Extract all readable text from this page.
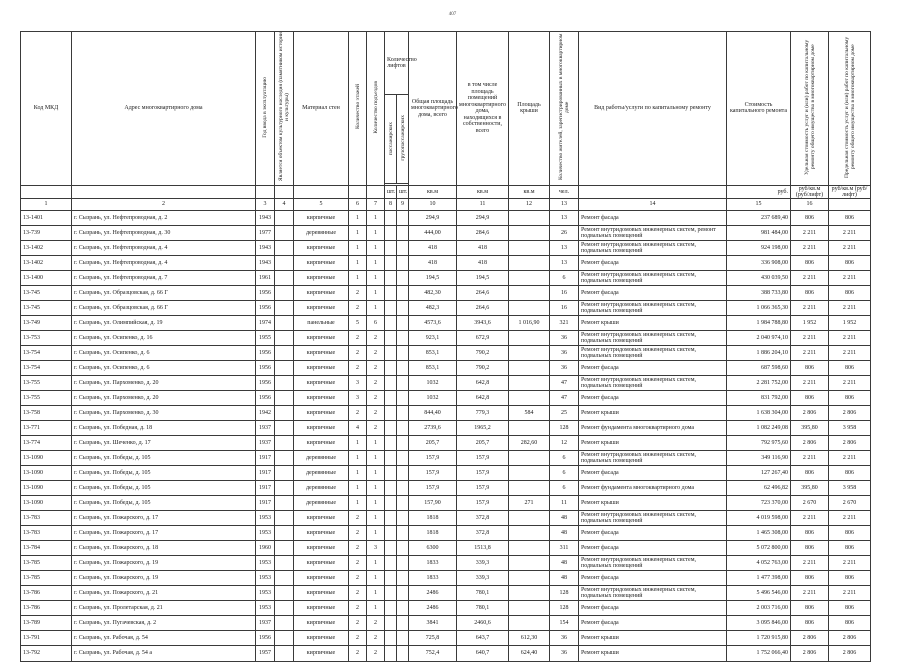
407
Код МКД	Адрес многоквартирного дома	Год ввода в эксплуатацию	Является объектом культурного наследия (памятником истории и культуры)	Материал стен	Количество этажей	Количество подъездов	Количество лифтов		Общая площадь многоквартирного дома, всего	в том числе площадь помещений многоквартирного дома, находящихся в собственности, всего	Площадь крыши	Количество жителей, зарегистрированных в многоквартирном доме	Вид работы/услуги по капитальному ремонту	Стоимость капитального ремонта	Удельная стоимость услуг и (или) работ по капитальному ремонту общего имущества в многоквартирном доме	Предельная стоимость услуг и (или) работ по капитальному ремонту общего имущества в многоквартирном доме
							пассажирских	грузопассажирских								

							шт.	шт.	кв.м	кв.м	кв.м	чел.		руб.	руб/кв.м (руб/лифт)	руб/кв.м (руб/лифт)
1	2	3	4	5	6	7	8	9	10	11	12	13	14	15	16	
13-1401	г. Сызрань, ул. Нефтепроводная, д. 2	1943		кирпичные	1	1			294,9	294,9		13	Ремонт фасада	237 689,40	806	806
13-739	г. Сызрань, ул. Нефтепроводная, д. 30	1977		деревянные	1	1			444,00	284,6		26	Ремонт внутридомовых инженерных систем, ремонт подвальных помещений	981 484,00	2 211	2 211
13-1402	г. Сызрань, ул. Нефтепроводная, д. 4	1943		кирпичные	1	1			418	418		13	Ремонт внутридомовых инженерных систем, подвальных помещений	924 198,00	2 211	2 211
13-1402	г. Сызрань, ул. Нефтепроводная, д. 4	1943		кирпичные	1	1			418	418		13	Ремонт фасада	336 908,00	806	806
13-1400	г. Сызрань, ул. Нефтепроводная, д. 7	1961		кирпичные	1	1			194,5	194,5		6	Ремонт внутридомовых инженерных систем, подвальных помещений	430 039,50	2 211	2 211
13-745	г. Сызрань, ул. Образцовская, д. 66 Г	1956		кирпичные	2	1			482,30	264,6		16	Ремонт фасада	388 733,80	806	806
13-745	г. Сызрань, ул. Образцовская, д. 66 Г	1956		кирпичные	2	1			482,3	264,6		16	Ремонт внутридомовых инженерных систем, подвальных помещений	1 066 365,30	2 211	2 211
13-749	г. Сызрань, ул. Олимпийская, д. 19	1974		панельные	5	6			4573,6	3943,6	1 016,90	321	Ремонт крыши	1 984 788,80	1 952	1 952
13-753	г. Сызрань, ул. Осипенко, д. 16	1955		кирпичные	2	2			923,1	672,9		36	Ремонт внутридомовых инженерных систем, подвальных помещений	2 040 974,10	2 211	2 211
13-754	г. Сызрань, ул. Осипенко, д. 6	1956		кирпичные	2	2			853,1	790,2		36	Ремонт внутридомовых инженерных систем, подвальных помещений	1 886 204,10	2 211	2 211
13-754	г. Сызрань, ул. Осипенко, д. 6	1956		кирпичные	2	2			853,1	790,2		36	Ремонт фасада	687 598,60	806	806
13-755	г. Сызрань, ул. Пархоменко, д. 20	1956		кирпичные	3	2			1032	642,8		47	Ремонт внутридомовых инженерных систем, подвальных помещений	2 281 752,00	2 211	2 211
13-755	г. Сызрань, ул. Пархоменко, д. 20	1956		кирпичные	3	2			1032	642,8		47	Ремонт фасада	831 792,00	806	806
13-758	г. Сызрань, ул. Пархоменко, д. 30	1942		кирпичные	2	2			844,40	779,3	584	25	Ремонт крыши	1 638 304,00	2 806	2 806
13-771	г. Сызрань, ул. Победная, д. 18	1937		кирпичные	4	2			2739,6	1965,2		128	Ремонт фундамента многоквартирного дома	1 082 249,08	395,80	3 958
13-774	г. Сызрань, ул. Шеченко, д. 17	1937		кирпичные	1	1			205,7	205,7	282,60	12	Ремонт крыши	792 975,60	2 806	2 806
13-1090	г. Сызрань, ул. Победы, д. 105	1917		деревянные	1	1			157,9	157,9		6	Ремонт внутридомовых инженерных систем, подвальных помещений	349 116,90	2 211	2 211
13-1090	г. Сызрань, ул. Победы, д. 105	1917		деревянные	1	1			157,9	157,9		6	Ремонт фасада	127 267,40	806	806
13-1090	г. Сызрань, ул. Победы, д. 105	1917		деревянные	1	1			157,9	157,9		6	Ремонт фундамента многоквартирного дома	62 496,82	395,80	3 958
13-1090	г. Сызрань, ул. Победы, д. 105	1917		деревянные	1	1			157,90	157,9	271	11	Ремонт крыши	723 370,00	2 670	2 670
13-783	г. Сызрань, ул. Пожарского, д. 17	1953		кирпичные	2	1			1818	372,8		48	Ремонт внутридомовых инженерных систем, подвальных помещений	4 019 598,00	2 211	2 211
13-783	г. Сызрань, ул. Пожарского, д. 17	1953		кирпичные	2	1			1818	372,8		48	Ремонт фасада	1 465 308,00	806	806
13-784	г. Сызрань, ул. Пожарского, д. 18	1960		кирпичные	2	3			6300	1513,8		311	Ремонт фасада	5 072 800,00	806	806
13-785	г. Сызрань, ул. Пожарского, д. 19	1953		кирпичные	2	1			1833	339,3		48	Ремонт внутридомовых инженерных систем, подвальных помещений	4 052 763,00	2 211	2 211
13-785	г. Сызрань, ул. Пожарского, д. 19	1953		кирпичные	2	1			1833	339,3		48	Ремонт фасада	1 477 398,00	806	806
13-786	г. Сызрань, ул. Пожарского, д. 21	1953		кирпичные	2	1			2486	780,1		128	Ремонт внутридомовых инженерных систем, подвальных помещений	5 496 546,00	2 211	2 211
13-786	г. Сызрань, ул. Пролетарская, д. 21	1953		кирпичные	2	1			2486	780,1		128	Ремонт фасада	2 003 716,00	806	806
13-789	г. Сызрань, ул. Пугачевская, д. 2	1937		кирпичные	2	2			3841	2460,6		154	Ремонт фасада	3 095 846,00	806	806
13-791	г. Сызрань, ул. Рабочая, д. 54	1956		кирпичные	2	2			725,8	643,7	612,30	36	Ремонт крыши	1 720 915,80	2 806	2 806
13-792	г. Сызрань, ул. Рабочая, д. 54 а	1957		кирпичные	2	2			752,4	640,7	624,40	36	Ремонт крыши	1 752 066,40	2 806	2 806
